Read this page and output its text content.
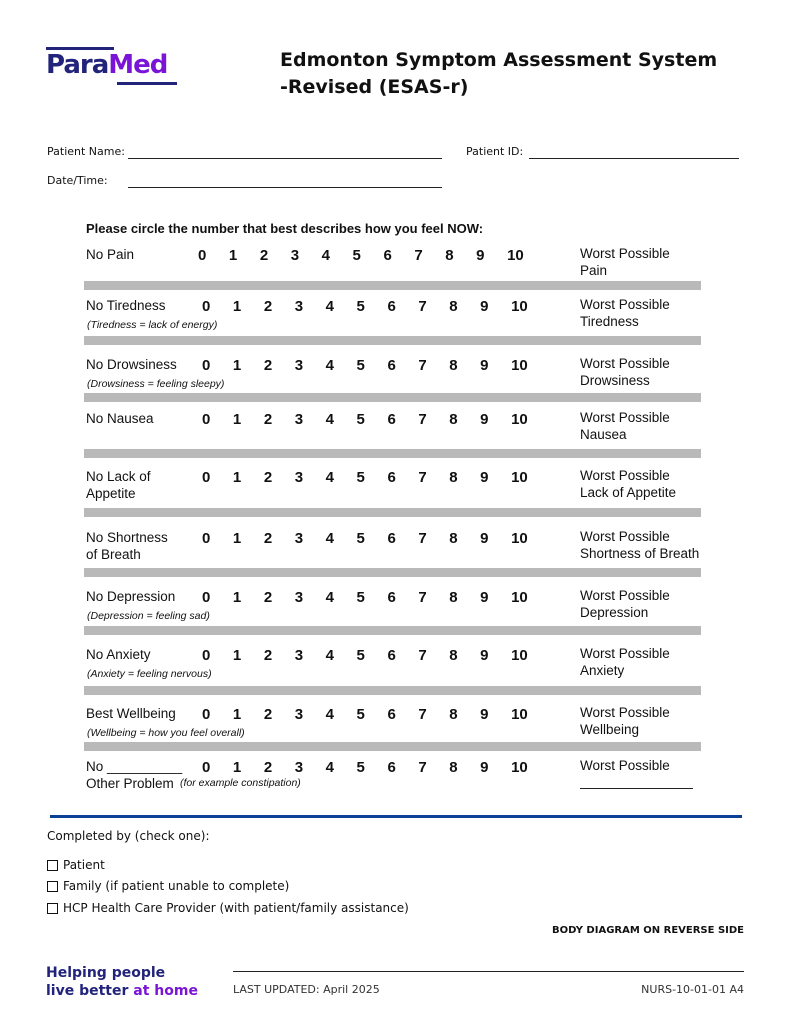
ParaMed	Edmonton Symptom Assessment System
-Revised (ESAS-r)
Patient Name:	Patient ID:
Date/Time:
Please circle the number that best describes how you feel NOW:
No Pain	0	1	2	3	4	5	6	7	8	9	10	Worst Possible
Pain
No Tiredness
(Tiredness = lack of energy)
0	1	2	3	4	5	6	7	8	9	10	Worst Possible
Tiredness
No Drowsiness
(Drowsiness = feeling sleepy)
0	1	2	3	4	5	6	7	8	9	10	Worst Possible
Drowsiness
No Nausea	0	1	2	3	4	5	6	7	8	9	10	Worst Possible
Nausea
No Lack of
Appetite
0	1	2	3	4	5	6	7	8	9	10	Worst Possible
Lack of Appetite
No Shortness
of Breath
0	1	2	3	4	5	6	7	8	9	10	Worst Possible
Shortness of Breath
No Depression
(Depression = feeling sad)
0	1	2	3	4	5	6	7	8	9	10	Worst Possible
Depression
No Anxiety
(Anxiety = feeling nervous)
0	1	2	3	4	5	6	7	8	9	10	Worst Possible
Anxiety
Best Wellbeing
(Wellbeing = how you feel overall)
0	1	2	3	4	5	6	7	8	9	10	Worst Possible
Wellbeing
No __________
Other Problem (for example constipation)
0	1	2	3	4	5	6	7	8	9	10	Worst Possible
Completed by (check one):
Patient
Family (if patient unable to complete)
HCP Health Care Provider (with patient/family assistance)
BODY DIAGRAM ON REVERSE SIDE
Helping people
live better at home	LAST UPDATED: April 2025	NURS-10-01-01 A4
